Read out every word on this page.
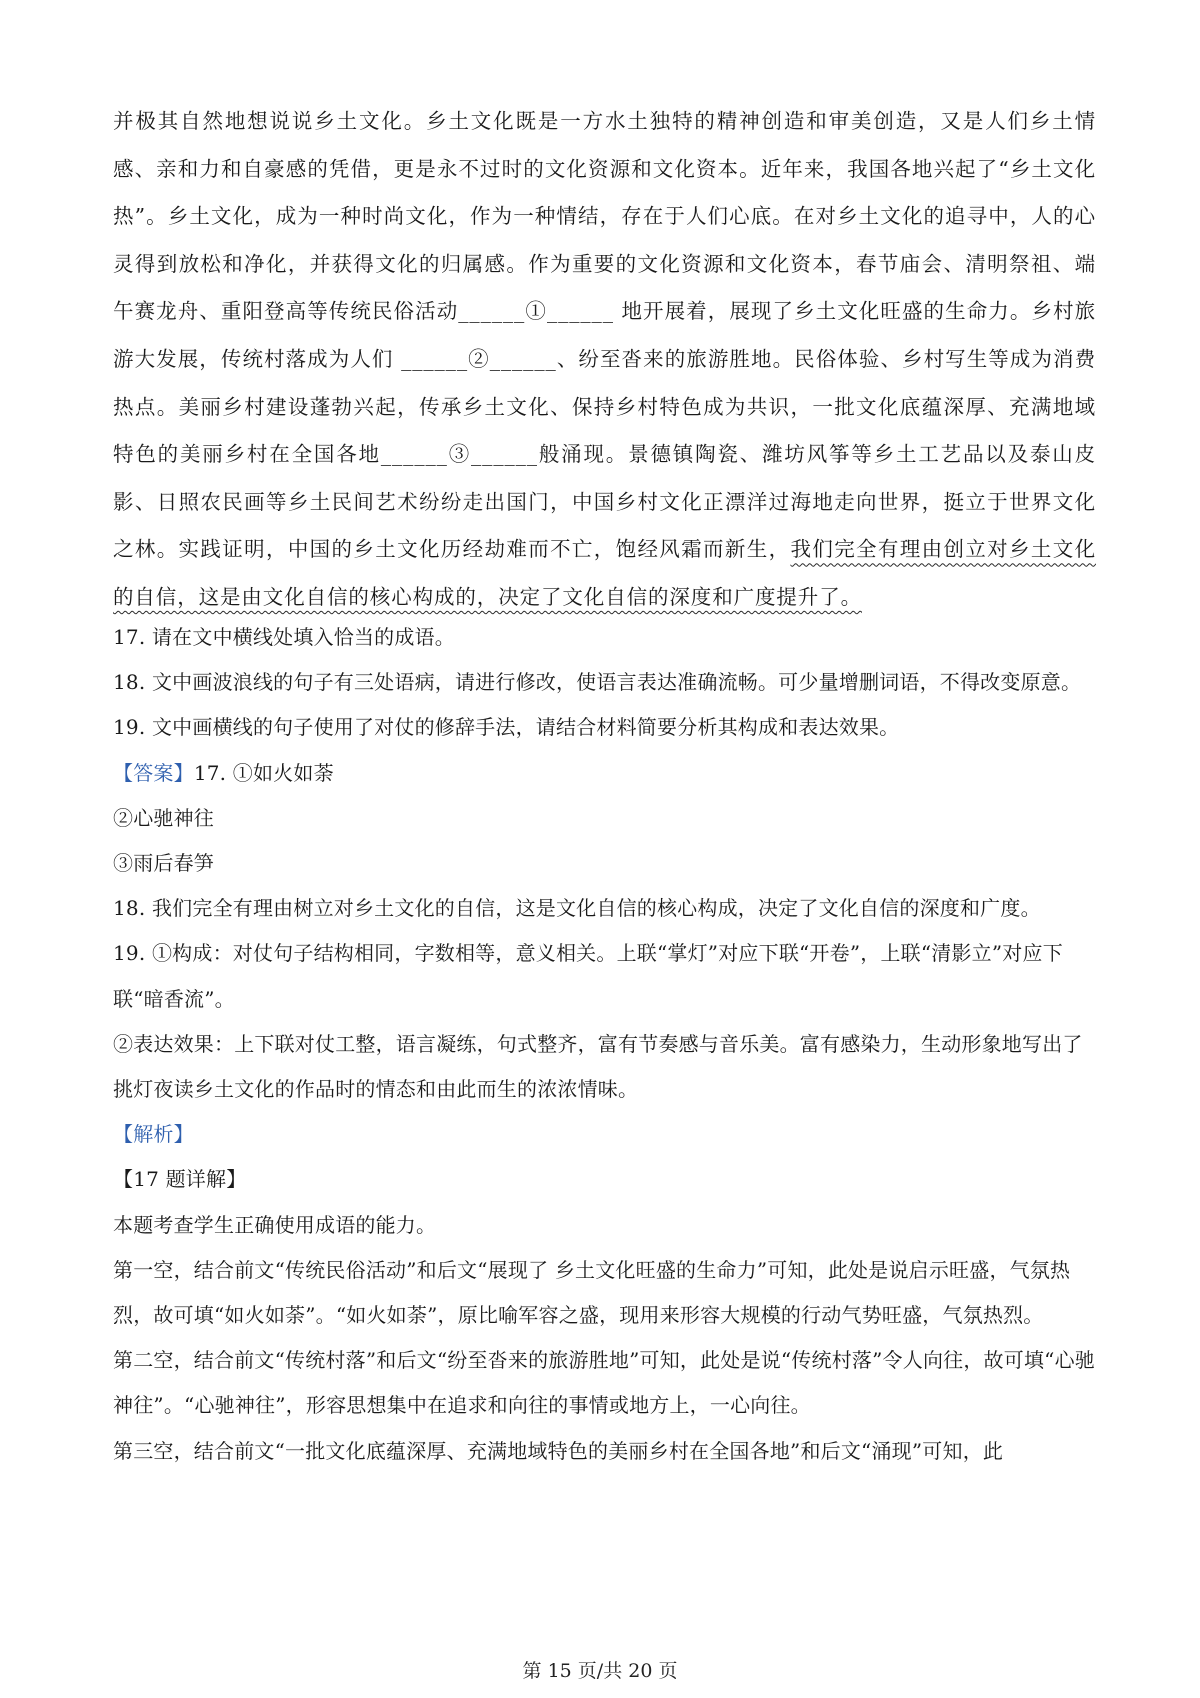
并极其自然地想说说乡土文化。乡土文化既是一方水土独特的精神创造和审美创造，又是人们乡土情感、亲和力和自豪感的凭借，更是永不过时的文化资源和文化资本。近年来，我国各地兴起了“乡土文化热”。乡土文化，成为一种时尚文化，作为一种情结，存在于人们心底。在对乡土文化的追寻中，人的心灵得到放松和净化，并获得文化的归属感。作为重要的文化资源和文化资本，春节庙会、清明祭祖、端午赛龙舟、重阳登高等传统民俗活动______①______ 地开展着，展现了乡土文化旺盛的生命力。乡村旅游大发展，传统村落成为人们 ______②______、纷至沓来的旅游胜地。民俗体验、乡村写生等成为消费热点。美丽乡村建设蓬勃兴起，传承乡土文化、保持乡村特色成为共识，一批文化底蕴深厚、充满地域特色的美丽乡村在全国各地______③______般涌现。景德镇陶瓷、潍坊风筝等乡土工艺品以及泰山皮影、日照农民画等乡土民间艺术纷纷走出国门，中国乡村文化正漂洋过海地走向世界，挺立于世界文化之林。实践证明，中国的乡土文化历经劫难而不亡，饱经风霜而新生，我们完全有理由创立对乡土文化的自信，这是由文化自信的核心构成的，决定了文化自信的深度和广度提升了。

17. 请在文中横线处填入恰当的成语。

18. 文中画波浪线的句子有三处语病，请进行修改，使语言表达准确流畅。可少量增删词语，不得改变原意。

19. 文中画横线的句子使用了对仗的修辞手法，请结合材料简要分析其构成和表达效果。

【答案】17. ①如火如荼

②心驰神往

③雨后春笋

18. 我们完全有理由树立对乡土文化的自信，这是文化自信的核心构成，决定了文化自信的深度和广度。

19. ①构成：对仗句子结构相同，字数相等，意义相关。上联“掌灯”对应下联“开卷”，上联“清影立”对应下联“暗香流”。

②表达效果：上下联对仗工整，语言凝练，句式整齐，富有节奏感与音乐美。富有感染力，生动形象地写出了挑灯夜读乡土文化的作品时的情态和由此而生的浓浓情味。

【解析】

【17 题详解】

本题考查学生正确使用成语的能力。

第一空，结合前文“传统民俗活动”和后文“展现了 乡土文化旺盛的生命力”可知，此处是说启示旺盛，气氛热烈，故可填“如火如荼”。“如火如荼”，原比喻军容之盛，现用来形容大规模的行动气势旺盛，气氛热烈。

第二空，结合前文“传统村落”和后文“纷至沓来的旅游胜地”可知，此处是说“传统村落”令人向往，故可填“心驰神往”。“心驰神往”，形容思想集中在追求和向往的事情或地方上，一心向往。

第三空，结合前文“一批文化底蕴深厚、充满地域特色的美丽乡村在全国各地”和后文“涌现”可知，此

第 15 页/共 20 页
